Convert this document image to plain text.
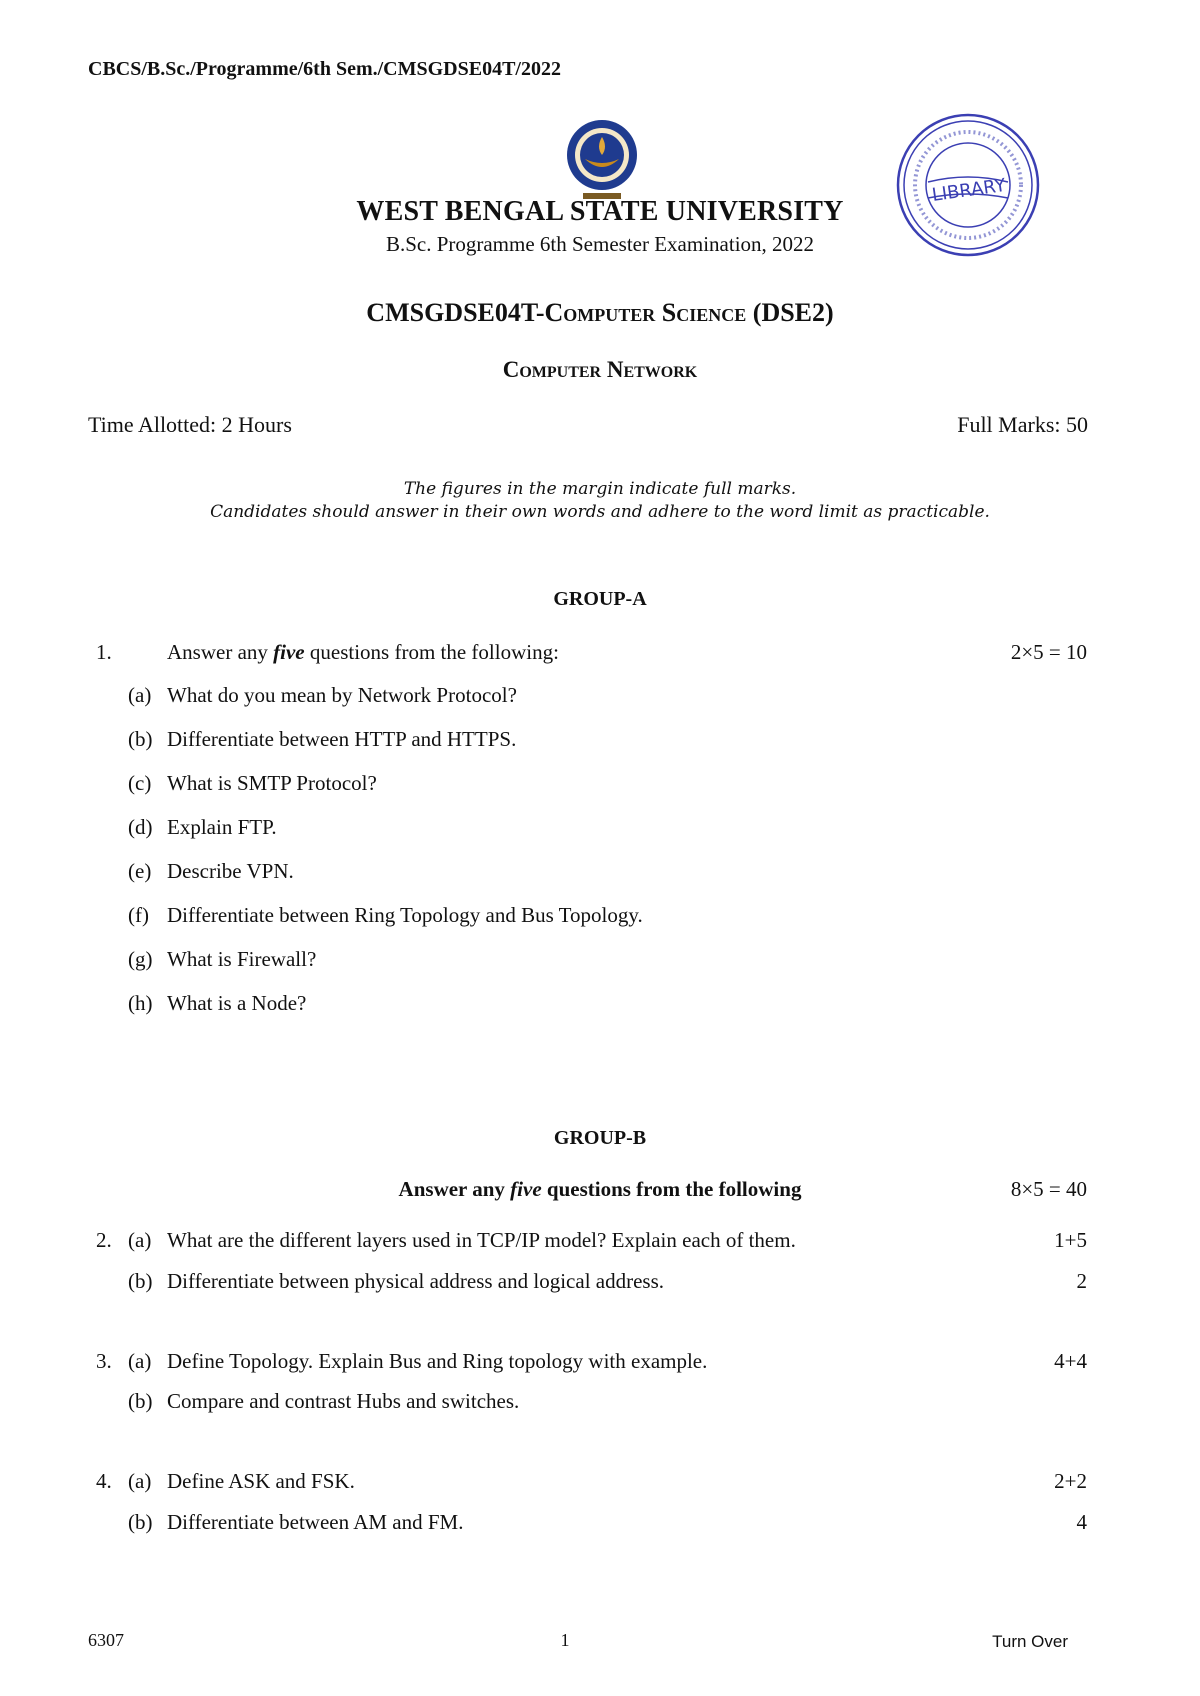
CBCS/B.Sc./Programme/6th Sem./CMSGDSE04T/2022
LIBRARY
WEST BENGAL STATE UNIVERSITY
B.Sc. Programme 6th Semester Examination, 2022
CMSGDSE04T-Computer Science (DSE2)
Computer Network
Time Allotted: 2 Hours	Full Marks: 50
The figures in the margin indicate full marks.
Candidates should answer in their own words and adhere to the word limit as practicable.
GROUP-A
1.	Answer any five questions from the following:	2×5 = 10
(a) What do you mean by Network Protocol?
(b) Differentiate between HTTP and HTTPS.
(c) What is SMTP Protocol?
(d) Explain FTP.
(e) Describe VPN.
(f) Differentiate between Ring Topology and Bus Topology.
(g) What is Firewall?
(h) What is a Node?
GROUP-B
Answer any five questions from the following	8×5 = 40
2. (a) What are the different layers used in TCP/IP model? Explain each of them.	1+5
(b) Differentiate between physical address and logical address.	2
3. (a) Define Topology. Explain Bus and Ring topology with example.	4+4
(b) Compare and contrast Hubs and switches.
4. (a) Define ASK and FSK.	2+2
(b) Differentiate between AM and FM.	4
6307	1	Turn Over
